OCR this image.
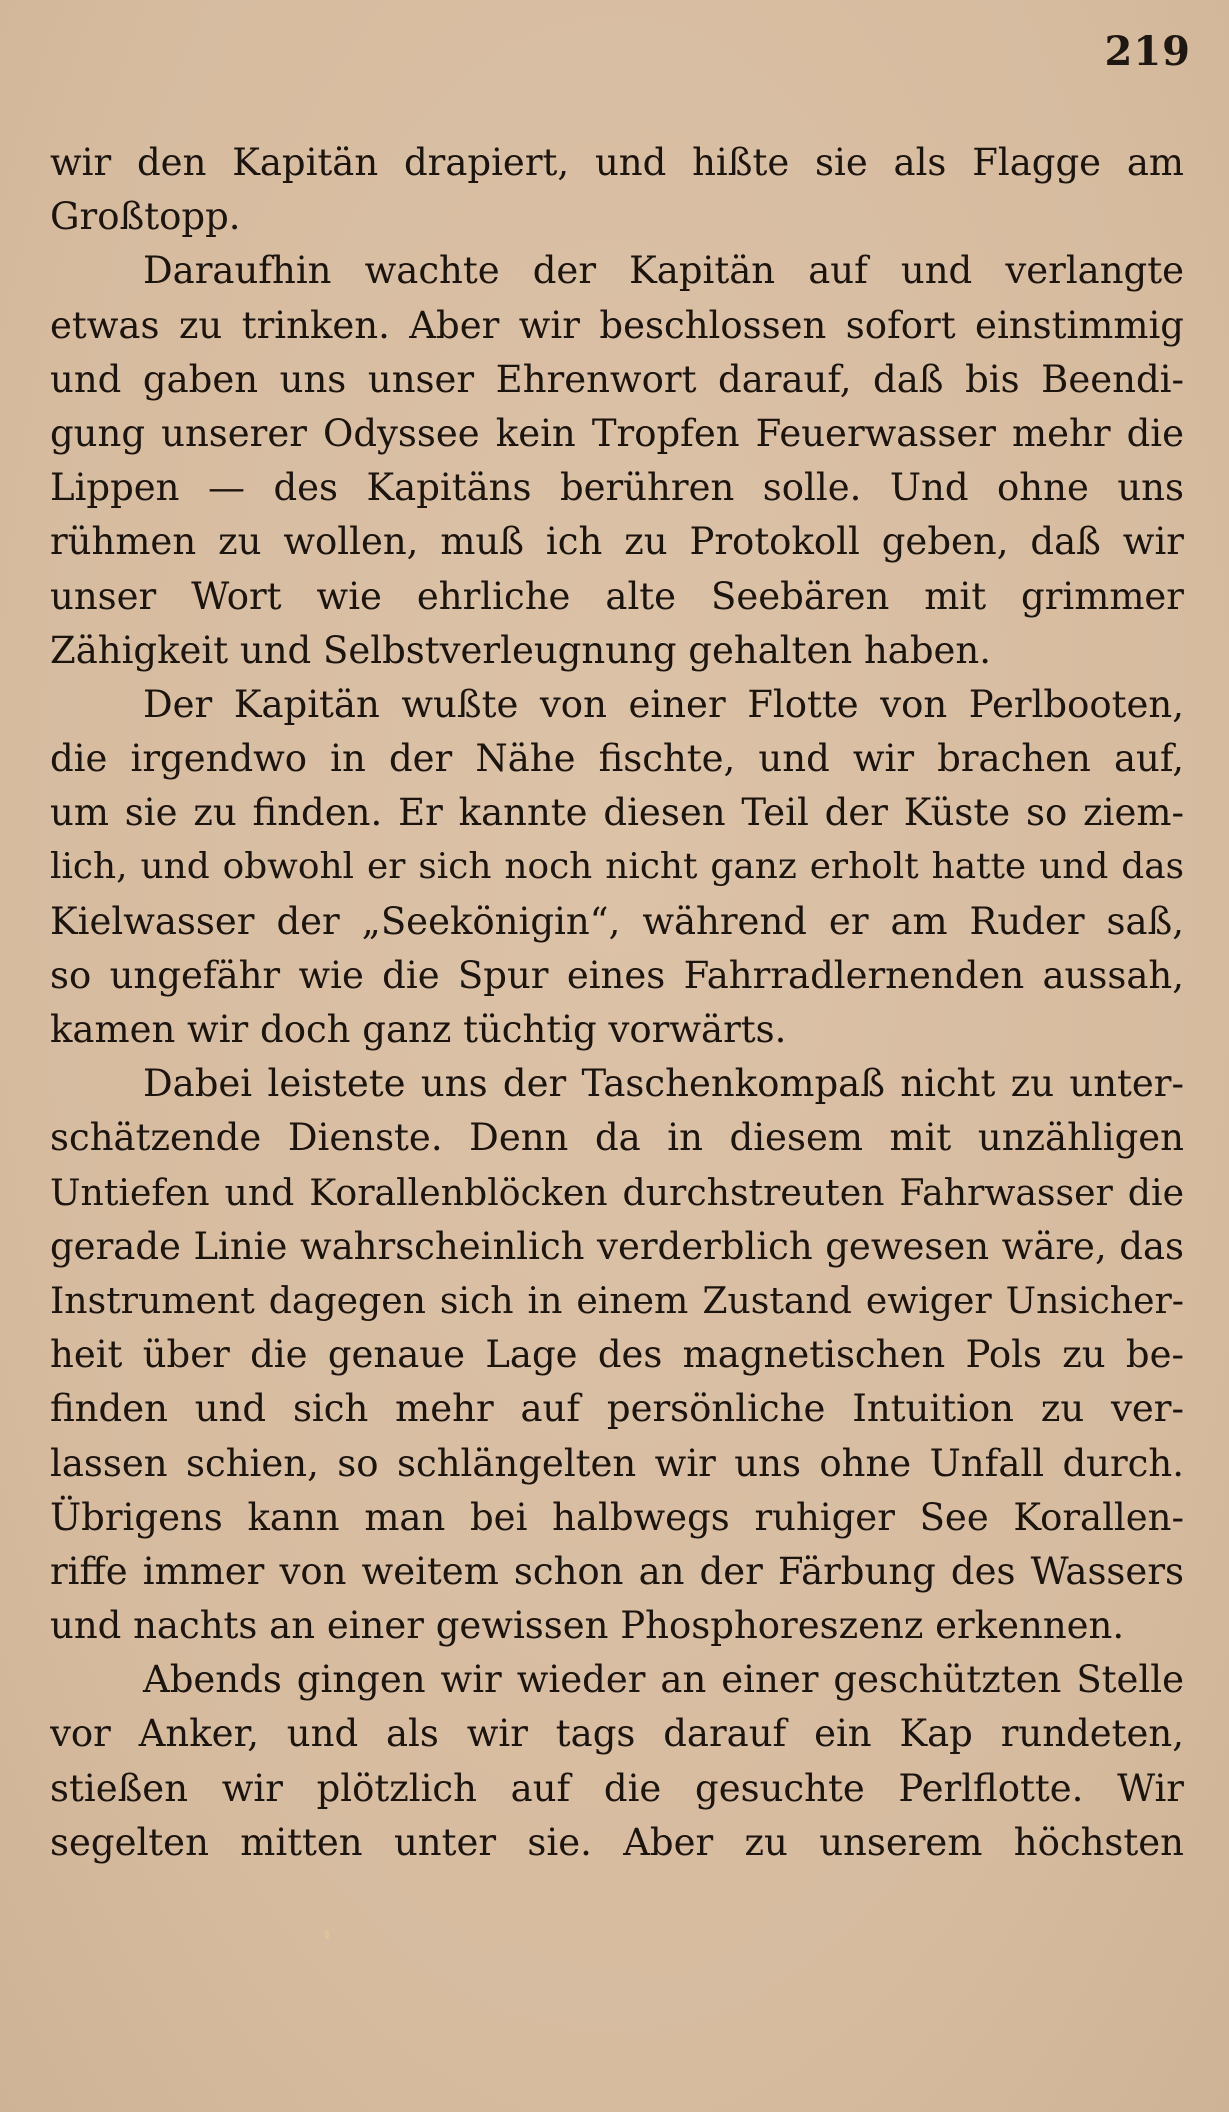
219
wir den Kapitän drapiert, und hißte sie als Flagge am
Großtopp.
Daraufhin wachte der Kapitän auf und verlangte
etwas zu trinken. Aber wir beschlossen sofort einstimmig
und gaben uns unser Ehrenwort darauf, daß bis Beendi-
gung unserer Odyssee kein Tropfen Feuerwasser mehr die
Lippen — des Kapitäns berühren solle. Und ohne uns
rühmen zu wollen, muß ich zu Protokoll geben, daß wir
unser Wort wie ehrliche alte Seebären mit grimmer
Zähigkeit und Selbstverleugnung gehalten haben.
Der Kapitän wußte von einer Flotte von Perlbooten,
die irgendwo in der Nähe fischte, und wir brachen auf,
um sie zu finden. Er kannte diesen Teil der Küste so ziem-
lich, und obwohl er sich noch nicht ganz erholt hatte und das
Kielwasser der „Seekönigin“, während er am Ruder saß,
so ungefähr wie die Spur eines Fahrradlernenden aussah,
kamen wir doch ganz tüchtig vorwärts.
Dabei leistete uns der Taschenkompaß nicht zu unter-
schätzende Dienste. Denn da in diesem mit unzähligen
Untiefen und Korallenblöcken durchstreuten Fahrwasser die
gerade Linie wahrscheinlich verderblich gewesen wäre, das
Instrument dagegen sich in einem Zustand ewiger Unsicher-
heit über die genaue Lage des magnetischen Pols zu be-
finden und sich mehr auf persönliche Intuition zu ver-
lassen schien, so schlängelten wir uns ohne Unfall durch.
Übrigens kann man bei halbwegs ruhiger See Korallen-
riffe immer von weitem schon an der Färbung des Wassers
und nachts an einer gewissen Phosphoreszenz erkennen.
Abends gingen wir wieder an einer geschützten Stelle
vor Anker, und als wir tags darauf ein Kap rundeten,
stießen wir plötzlich auf die gesuchte Perlflotte. Wir
segelten mitten unter sie. Aber zu unserem höchsten
